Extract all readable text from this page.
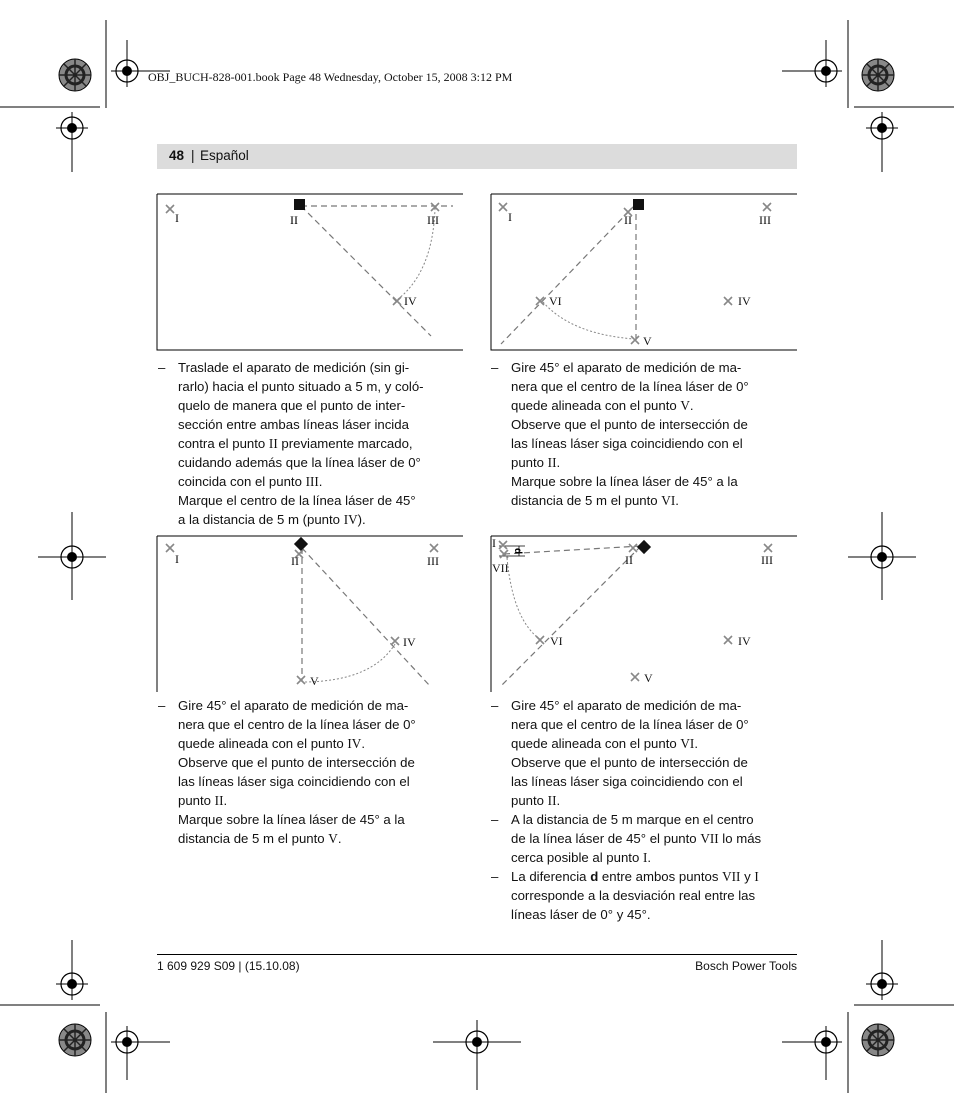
OBJ_BUCH-828-001.book Page 48 Wednesday, October 15, 2008 3:12 PM
48 | Español
I	II	III
IV
I	II	III
IV
V
VI
– Traslade el aparato de medición (sin gi-
rarlo) hacia el punto situado a 5 m, y coló-
quelo de manera que el punto de inter-
sección entre ambas líneas láser incida
contra el punto II previamente marcado,
cuidando además que la línea láser de 0°
coincida con el punto III.
Marque el centro de la línea láser de 45°
a la distancia de 5 m (punto IV).
– Gire 45° el aparato de medición de ma-
nera que el centro de la línea láser de 0°
quede alineada con el punto V.
Observe que el punto de intersección de
las líneas láser siga coincidiendo con el
punto II.
Marque sobre la línea láser de 45° a la
distancia de 5 m el punto VI.
I	II	III
IV
V
I
II	III
IV
V
VI
VII
d
– Gire 45° el aparato de medición de ma-
nera que el centro de la línea láser de 0°
quede alineada con el punto IV.
Observe que el punto de intersección de
las líneas láser siga coincidiendo con el
punto II.
Marque sobre la línea láser de 45° a la
distancia de 5 m el punto V.
– Gire 45° el aparato de medición de ma-
nera que el centro de la línea láser de 0°
quede alineada con el punto VI.
Observe que el punto de intersección de
las líneas láser siga coincidiendo con el
punto II.
– A la distancia de 5 m marque en el centro
de la línea láser de 45° el punto VII lo más
cerca posible al punto I.
– La diferencia d entre ambos puntos VII y I
corresponde a la desviación real entre las
líneas láser de 0° y 45°.
1 609 929 S09 | (15.10.08)	Bosch Power Tools
